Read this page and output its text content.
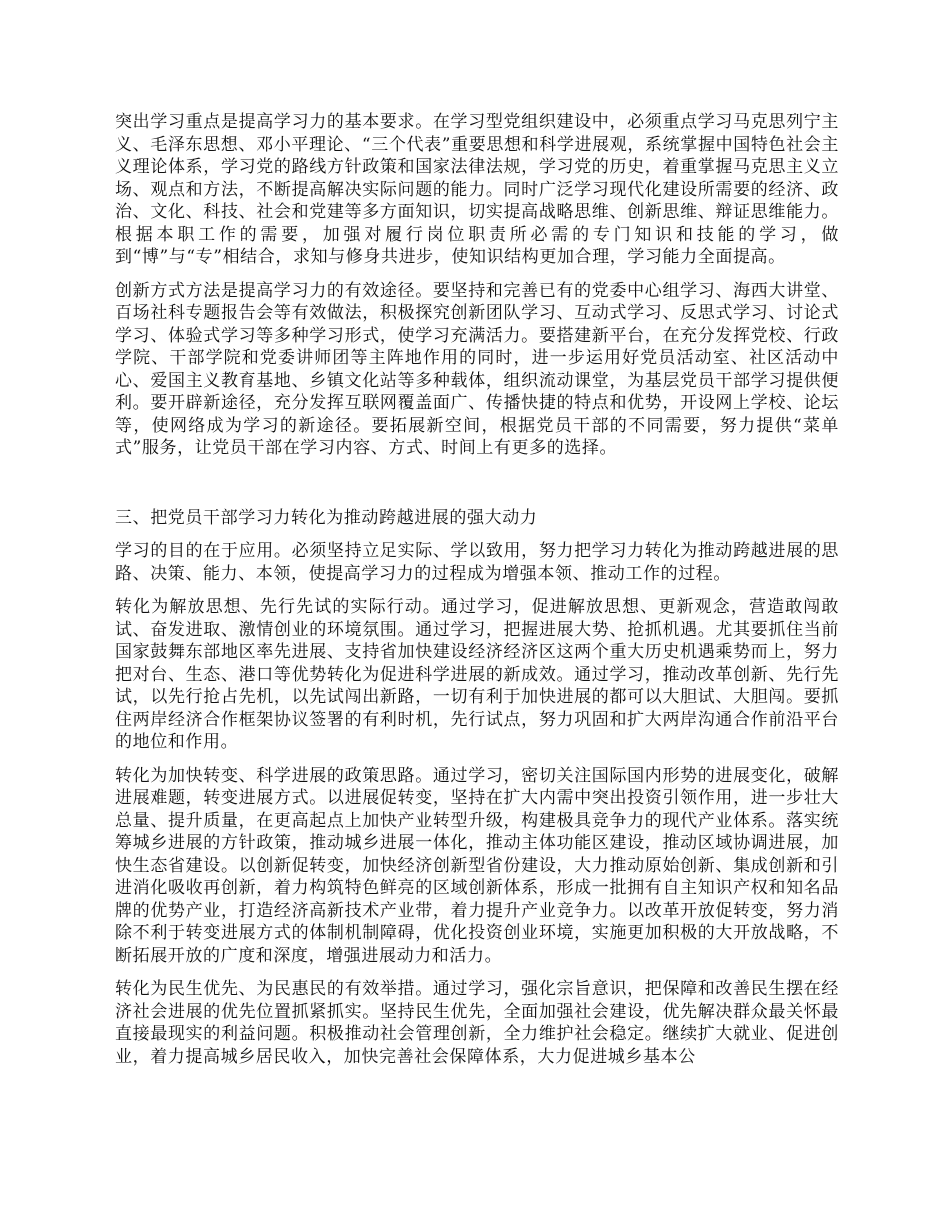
突出学习重点是提高学习力的基本要求。在学习型党组织建设中，必须重点学习马克思列宁主义、毛泽东思想、邓小平理论、“三个代表”重要思想和科学进展观，系统掌握中国特色社会主义理论体系，学习党的路线方针政策和国家法律法规，学习党的历史，着重掌握马克思主义立场、观点和方法，不断提高解决实际问题的能力。同时广泛学习现代化建设所需要的经济、政治、文化、科技、社会和党建等多方面知识，切实提高战略思维、创新思维、辩证思维能力。根据本职工作的需要，加强对履行岗位职责所必需的专门知识和技能的学习，做到“博”与“专”相结合，求知与修身共进步，使知识结构更加合理，学习能力全面提高。

创新方式方法是提高学习力的有效途径。要坚持和完善已有的党委中心组学习、海西大讲堂、百场社科专题报告会等有效做法，积极探究创新团队学习、互动式学习、反思式学习、讨论式学习、体验式学习等多种学习形式，使学习充满活力。要搭建新平台，在充分发挥党校、行政学院、干部学院和党委讲师团等主阵地作用的同时，进一步运用好党员活动室、社区活动中心、爱国主义教育基地、乡镇文化站等多种载体，组织流动课堂，为基层党员干部学习提供便利。要开辟新途径，充分发挥互联网覆盖面广、传播快捷的特点和优势，开设网上学校、论坛等，使网络成为学习的新途径。要拓展新空间，根据党员干部的不同需要，努力提供“菜单式”服务，让党员干部在学习内容、方式、时间上有更多的选择。

三、把党员干部学习力转化为推动跨越进展的强大动力

学习的目的在于应用。必须坚持立足实际、学以致用，努力把学习力转化为推动跨越进展的思路、决策、能力、本领，使提高学习力的过程成为增强本领、推动工作的过程。

转化为解放思想、先行先试的实际行动。通过学习，促进解放思想、更新观念，营造敢闯敢试、奋发进取、激情创业的环境氛围。通过学习，把握进展大势、抢抓机遇。尤其要抓住当前国家鼓舞东部地区率先进展、支持省加快建设经济经济区这两个重大历史机遇乘势而上，努力把对台、生态、港口等优势转化为促进科学进展的新成效。通过学习，推动改革创新、先行先试，以先行抢占先机，以先试闯出新路，一切有利于加快进展的都可以大胆试、大胆闯。要抓住两岸经济合作框架协议签署的有利时机，先行试点，努力巩固和扩大两岸沟通合作前沿平台的地位和作用。

转化为加快转变、科学进展的政策思路。通过学习，密切关注国际国内形势的进展变化，破解进展难题，转变进展方式。以进展促转变，坚持在扩大内需中突出投资引领作用，进一步壮大总量、提升质量，在更高起点上加快产业转型升级，构建极具竞争力的现代产业体系。落实统筹城乡进展的方针政策，推动城乡进展一体化，推动主体功能区建设，推动区域协调进展，加快生态省建设。以创新促转变，加快经济创新型省份建设，大力推动原始创新、集成创新和引进消化吸收再创新，着力构筑特色鲜亮的区域创新体系，形成一批拥有自主知识产权和知名品牌的优势产业，打造经济高新技术产业带，着力提升产业竞争力。以改革开放促转变，努力消除不利于转变进展方式的体制机制障碍，优化投资创业环境，实施更加积极的大开放战略，不断拓展开放的广度和深度，增强进展动力和活力。

转化为民生优先、为民惠民的有效举措。通过学习，强化宗旨意识，把保障和改善民生摆在经济社会进展的优先位置抓紧抓实。坚持民生优先，全面加强社会建设，优先解决群众最关怀最直接最现实的利益问题。积极推动社会管理创新，全力维护社会稳定。继续扩大就业、促进创业，着力提高城乡居民收入，加快完善社会保障体系，大力促进城乡基本公
